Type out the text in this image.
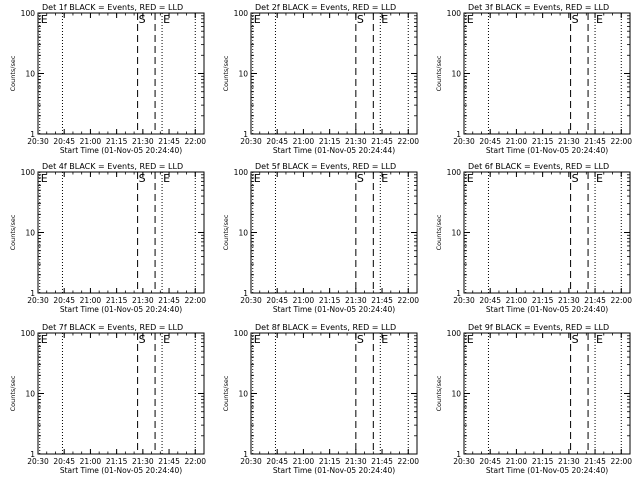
Det 1f BLACK = Events, RED = LLD
Counts/sec
1
10
100
20:30 20:45 21:00 21:15 21:30 21:45 22:00
Start Time (01-Nov-05 20:24:40)
E	S E
Det 2f BLACK = Events, RED = LLD
Counts/sec
1
10
100
20:30 20:45 21:00 21:15 21:30 21:45 22:00
Start Time (01-Nov-05 20:24:44)
E	S E
Det 3f BLACK = Events, RED = LLD
Counts/sec
1
10
100
20:30 20:45 21:00 21:15 21:30 21:45 22:00
Start Time (01-Nov-05 20:24:40)
E	S E
Det 4f BLACK = Events, RED = LLD
Counts/sec
1
10
100
20:30 20:45 21:00 21:15 21:30 21:45 22:00
Start Time (01-Nov-05 20:24:40)
E	S E
Det 5f BLACK = Events, RED = LLD
Counts/sec
1
10
100
20:30 20:45 21:00 21:15 21:30 21:45 22:00
Start Time (01-Nov-05 20:24:40)
E	S E
Det 6f BLACK = Events, RED = LLD
Counts/sec
1
10
100
20:30 20:45 21:00 21:15 21:30 21:45 22:00
Start Time (01-Nov-05 20:24:40)
E	S E
Det 7f BLACK = Events, RED = LLD
Counts/sec
1
10
100
20:30 20:45 21:00 21:15 21:30 21:45 22:00
Start Time (01-Nov-05 20:24:40)
E	S E
Det 8f BLACK = Events, RED = LLD
Counts/sec
1
10
100
20:30 20:45 21:00 21:15 21:30 21:45 22:00
Start Time (01-Nov-05 20:24:40)
E	S E
Det 9f BLACK = Events, RED = LLD
Counts/sec
1
10
100
20:30 20:45 21:00 21:15 21:30 21:45 22:00
Start Time (01-Nov-05 20:24:40)
E	S E
